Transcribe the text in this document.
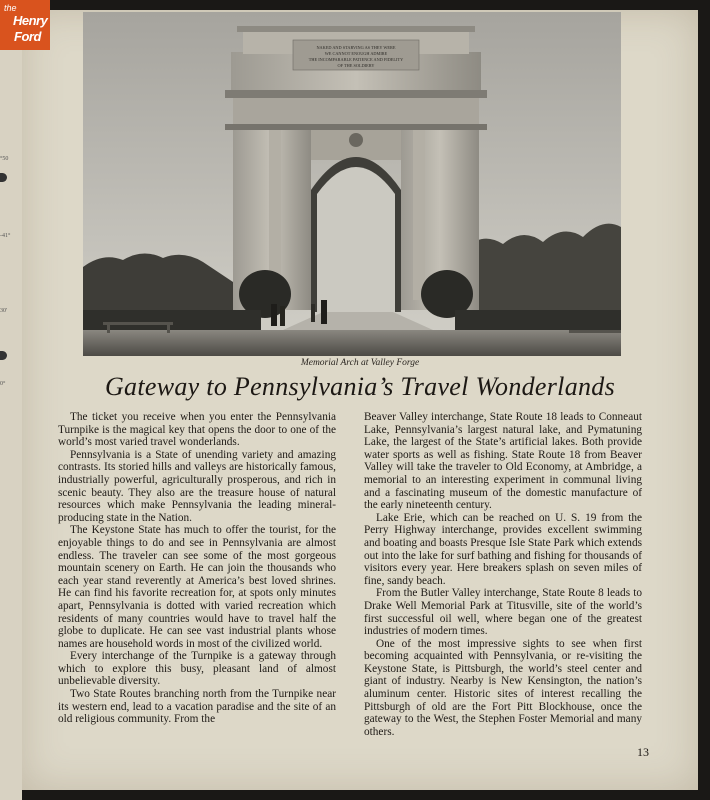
°50
-41°
30'
0°
the
Henry
Ford
NAKED AND STARVING AS THEY WERE
WE CANNOT ENOUGH ADMIRE
THE INCOMPARABLE PATIENCE AND FIDELITY
OF THE SOLDIERY
Memorial Arch at Valley Forge
Gateway to Pennsylvania’s Travel Wonderlands

The ticket you receive when you enter the Pennsylvania Turnpike is the magical key that opens the door to one of the world’s most varied travel wonderlands.

Pennsylvania is a State of unending variety and amazing contrasts. Its storied hills and valleys are historically famous, industrially powerful, agriculturally prosperous, and rich in scenic beauty. They also are the treasure house of natural resources which make Pennsylvania the leading mineral-producing state in the Nation.

The Keystone State has much to offer the tourist, for the enjoyable things to do and see in Pennsylvania are almost endless. The traveler can see some of the most gorgeous mountain scenery on Earth. He can join the thousands who each year stand reverently at America’s best loved shrines. He can find his favorite recreation for, at spots only minutes apart, Pennsylvania is dotted with varied recreation which residents of many countries would have to travel half the globe to duplicate. He can see vast industrial plants whose names are household words in most of the civilized world.

Every interchange of the Turnpike is a gateway through which to explore this busy, pleasant land of almost unbelievable diversity.

Two State Routes branching north from the Turnpike near its western end, lead to a vacation paradise and the site of an old religious community. From the

Beaver Valley interchange, State Route 18 leads to Conneaut Lake, Pennsylvania’s largest natural lake, and Pymatuning Lake, the largest of the State’s artificial lakes. Both provide water sports as well as fishing. State Route 18 from Beaver Valley will take the traveler to Old Economy, at Ambridge, a memorial to an interesting experiment in communal living and a fascinating museum of the domestic manufacture of the early nineteenth century.

Lake Erie, which can be reached on U. S. 19 from the Perry Highway interchange, provides excellent swimming and boating and boasts Presque Isle State Park which extends out into the lake for surf bathing and fishing for thousands of visitors every year. Here breakers splash on seven miles of fine, sandy beach.

From the Butler Valley interchange, State Route 8 leads to Drake Well Memorial Park at Titusville, site of the world’s first successful oil well, where began one of the greatest industries of modern times.

One of the most impressive sights to see when first becoming acquainted with Pennsylvania, or re-visiting the Keystone State, is Pittsburgh, the world’s steel center and giant of industry. Nearby is New Kensington, the nation’s aluminum center. Historic sites of interest recalling the Pittsburgh of old are the Fort Pitt Blockhouse, once the gateway to the West, the Stephen Foster Memorial and many others.

13
